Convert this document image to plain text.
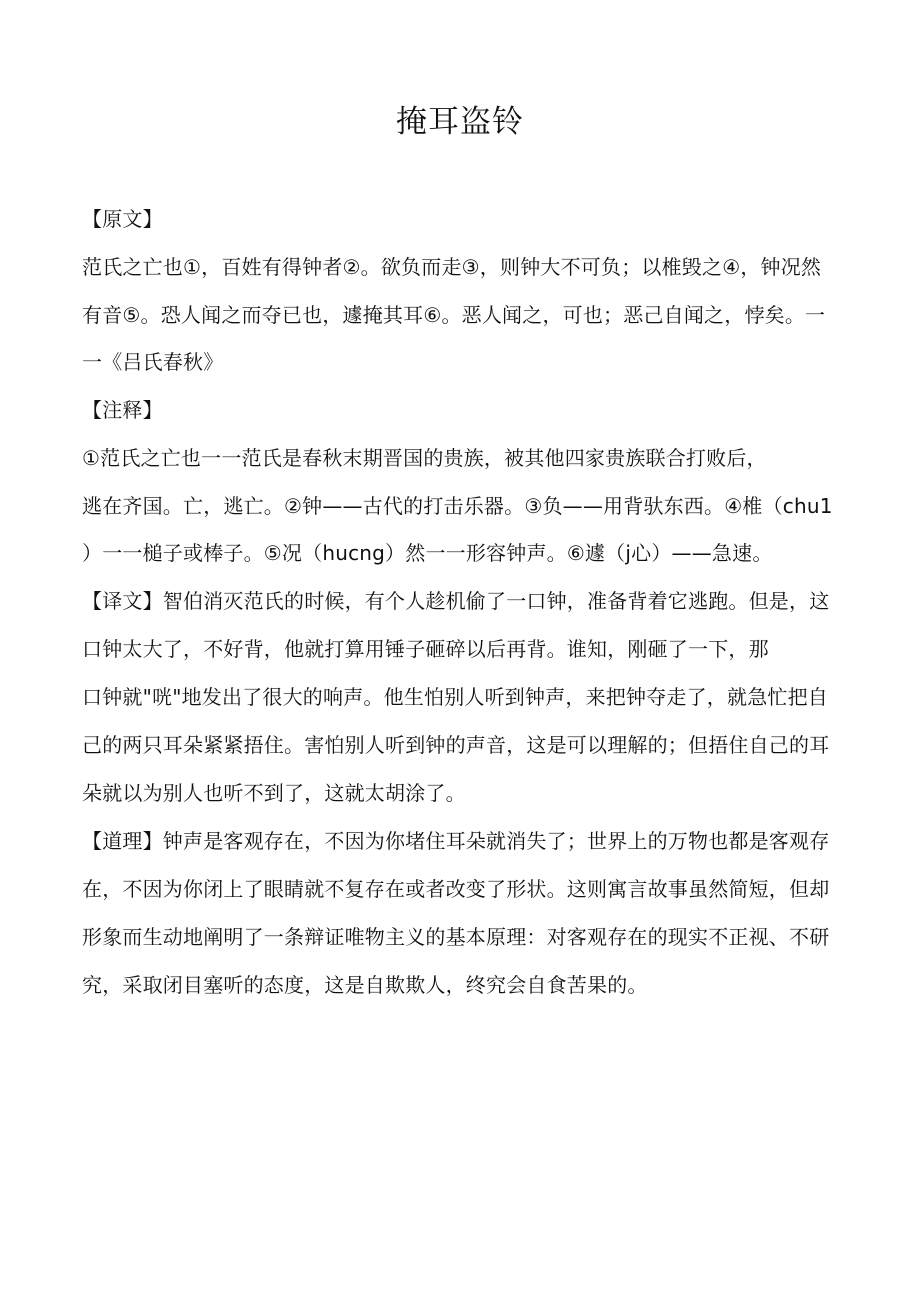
掩耳盗铃
【原文】
范氏之亡也①，百姓有得钟者②。欲负而走③，则钟大不可负；以椎毁之④，钟况然
有音⑤。恐人闻之而夺已也，遽掩其耳⑥。恶人闻之，可也；恶己自闻之，悖矣。一
一《吕氏春秋》
【注释】
①范氏之亡也一一范氏是春秋末期晋国的贵族，被其他四家贵族联合打败后，
逃在齐国。亡，逃亡。②钟——古代的打击乐器。③负——用背驮东西。④椎（chu1
）一一槌子或棒子。⑤况（hucng）然一一形容钟声。⑥遽（j心）——急速。
【译文】智伯消灭范氏的时候，有个人趁机偷了一口钟，准备背着它逃跑。但是，这
口钟太大了，不好背，他就打算用锤子砸碎以后再背。谁知，刚砸了一下，那
口钟就"咣"地发出了很大的响声。他生怕别人听到钟声，来把钟夺走了，就急忙把自
己的两只耳朵紧紧捂住。害怕别人听到钟的声音，这是可以理解的；但捂住自己的耳
朵就以为别人也听不到了，这就太胡涂了。
【道理】钟声是客观存在，不因为你堵住耳朵就消失了；世界上的万物也都是客观存
在，不因为你闭上了眼睛就不复存在或者改变了形状。这则寓言故事虽然简短，但却
形象而生动地阐明了一条辩证唯物主义的基本原理：对客观存在的现实不正视、不研
究，采取闭目塞听的态度，这是自欺欺人，终究会自食苦果的。
